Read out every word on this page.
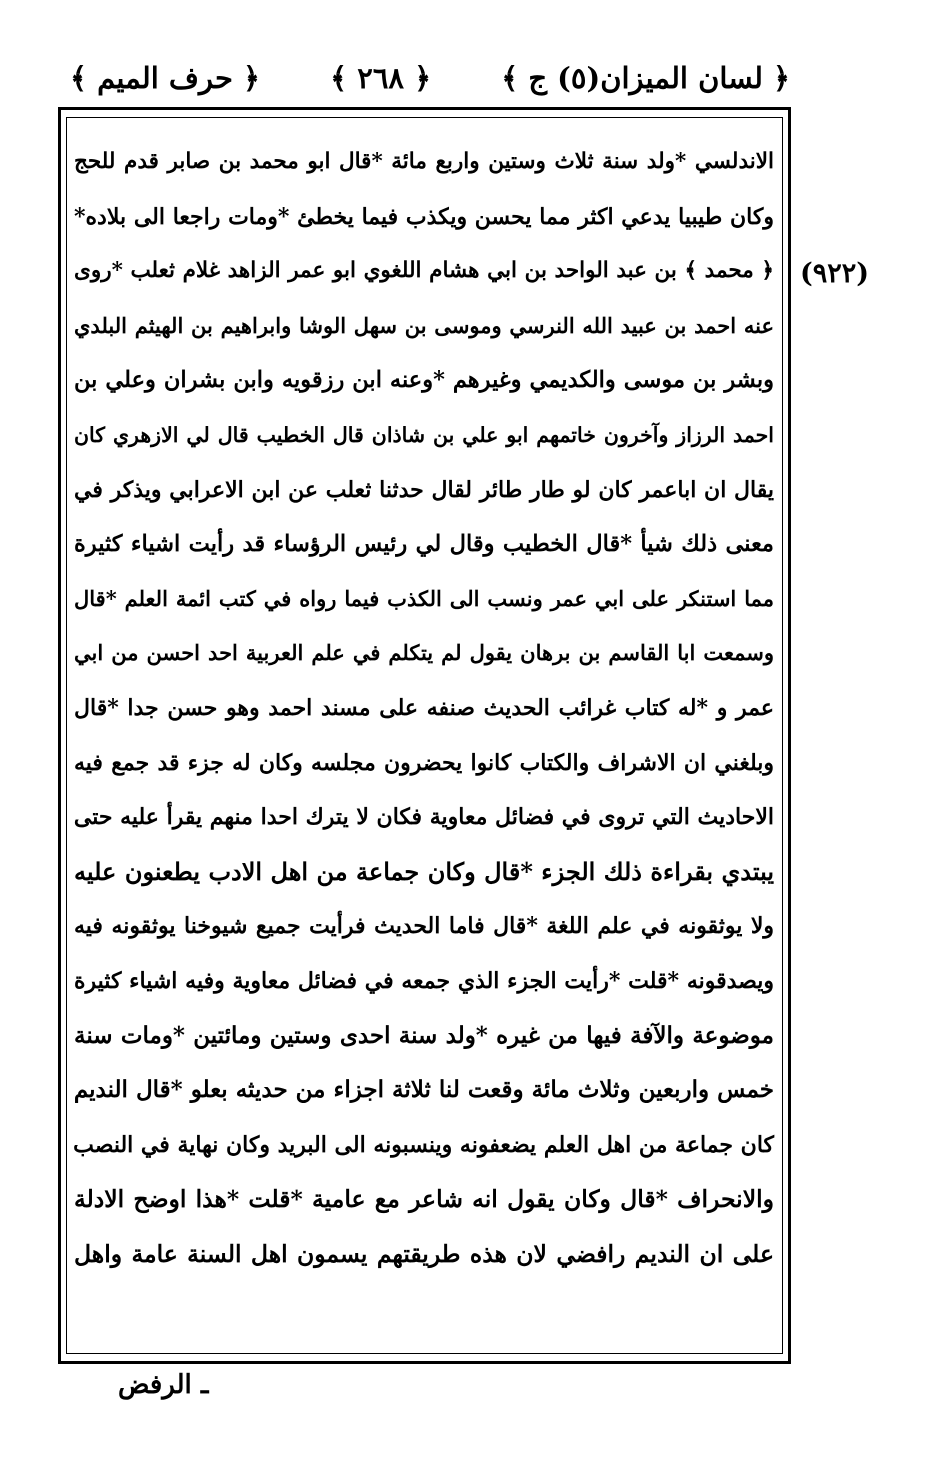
﴿ لسان الميزان(٥) ج ﴾
﴿ ٢٦٨ ﴾
﴿ حرف الميم ﴾
(٩٢٢)
الاندلسي *ولد سنة ثلاث وستين واربع مائة *قال ابو محمد بن صابر قدم للحج
وكان طيبيا يدعي اكثر مما يحسن ويكذب فيما يخطئ *ومات راجعا الى بلاده*
﴿ محمد ﴾ بن عبد الواحد بن ابي هشام اللغوي ابو عمر الزاهد غلام ثعلب *روى
عنه احمد بن عبيد الله النرسي وموسى بن سهل الوشا وابراهيم بن الهيثم البلدي
وبشر بن موسى والكديمي وغيرهم *وعنه ابن رزقويه وابن بشران وعلي بن
احمد الرزاز وآخرون خاتمهم ابو علي بن شاذان قال الخطيب قال لي الازهري كان
يقال ان اباعمر كان لو طار طائر لقال حدثنا ثعلب عن ابن الاعرابي ويذكر في
معنى ذلك شيأ *قال الخطيب وقال لي رئيس الرؤساء قد رأيت اشياء كثيرة
مما استنكر على ابي عمر ونسب الى الكذب فيما رواه في كتب ائمة العلم *قال
وسمعت ابا القاسم بن برهان يقول لم يتكلم في علم العربية احد احسن من ابي
عمر و *له كتاب غرائب الحديث صنفه على مسند احمد وهو حسن جدا *قال
وبلغني ان الاشراف والكتاب كانوا يحضرون مجلسه وكان له جزء قد جمع فيه
الاحاديث التي تروى في فضائل معاوية فكان لا يترك احدا منهم يقرأ عليه حتى
يبتدي بقراءة ذلك الجزء *قال وكان جماعة من اهل الادب يطعنون عليه
ولا يوثقونه في علم اللغة *قال فاما الحديث فرأيت جميع شيوخنا يوثقونه فيه
ويصدقونه *قلت *رأيت الجزء الذي جمعه في فضائل معاوية وفيه اشياء كثيرة
موضوعة والآفة فيها من غيره *ولد سنة احدى وستين ومائتين *ومات سنة
خمس واربعين وثلاث مائة وقعت لنا ثلاثة اجزاء من حديثه بعلو *قال النديم
كان جماعة من اهل العلم يضعفونه وينسبونه الى البريد وكان نهاية في النصب
والانحراف *قال وكان يقول انه شاعر مع عامية *قلت *هذا اوضح الادلة
على ان النديم رافضي لان هذه طريقتهم يسمون اهل السنة عامة واهل
ـ الرفض
